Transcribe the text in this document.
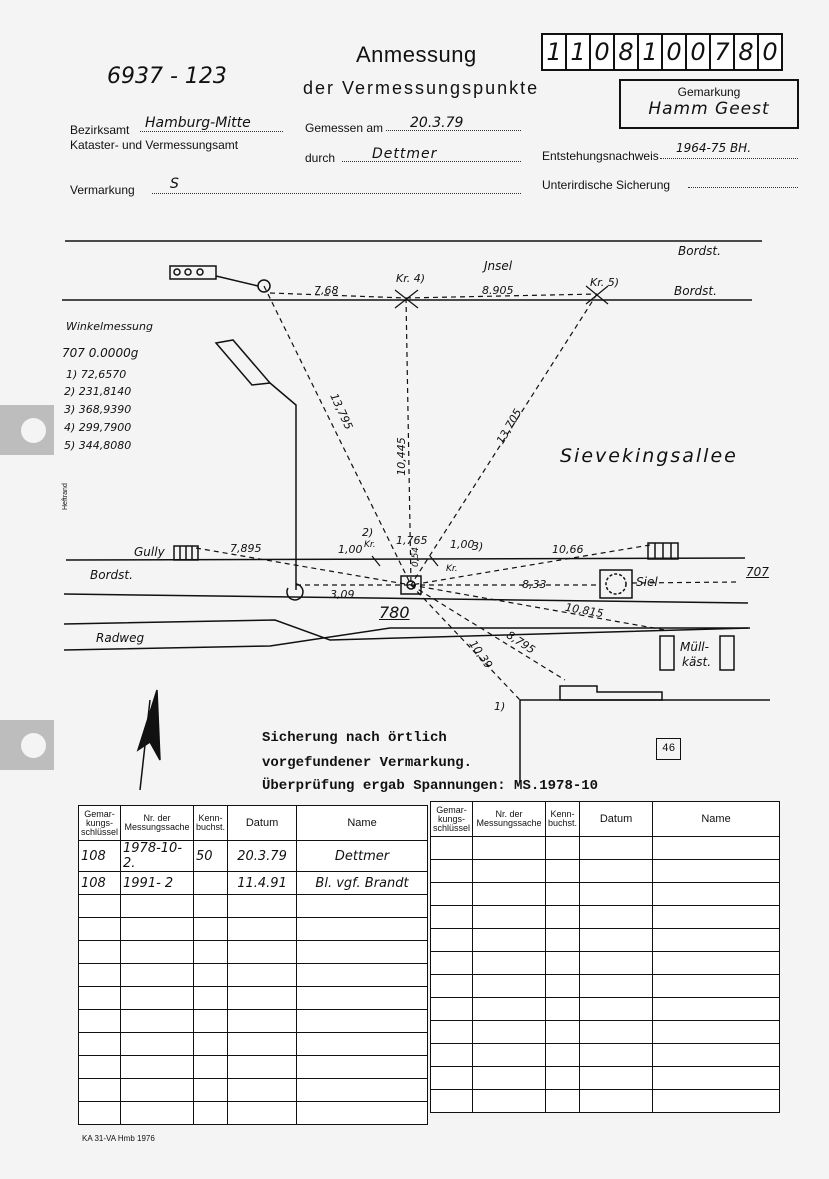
6937 - 123
Anmessung
der Vermessungspunkte
1 1 0 8 1 0 0 7 8 0
Gemarkung
Hamm Geest
Bezirksamt Hamburg-Mitte
Kataster- und Vermessungsamt
Gemessen am 20.3.79
durch	Dettmer	Entstehungsnachweis
1964-75 BH.
Vermarkung	S	Unterirdische Sicherung
Bordst.
Bordst.
Jnsel
Kr. 4)	Kr. 5)
7,68	8.905
Winkelmessung
707 0.0000g
1) 72,6570
2) 231,8140
3) 368,9390
4) 299,7900
5) 344,8080
Heftrand
13,795
10,445
13,705
Sievekingsallee
2)
Kr.
1,00
1,765
0,54
1,00
3)
Kr.
10,66
Gully	7,895
Bordst.
3,09
8,33	Siel
707
780	10,815
Radweg
Müll-
käst.
8,795
10,39
1)
Sicherung nach örtlich
vorgefundener Vermarkung.
Überprüfung ergab Spannungen: MS.1978-10
46
Gemar-kungs-schlüssel	Nr. der Messungssache	Kenn-buchst.	Datum	Name
108	1978-10- 2.	50	20.3.79	Dettmer
108	1991- 2		11.4.91	Bl. vgf. Brandt

Gemar-kungs-schlüssel	Nr. der Messungssache	Kenn-buchst.	Datum	Name

KA 31-VA Hmb 1976
